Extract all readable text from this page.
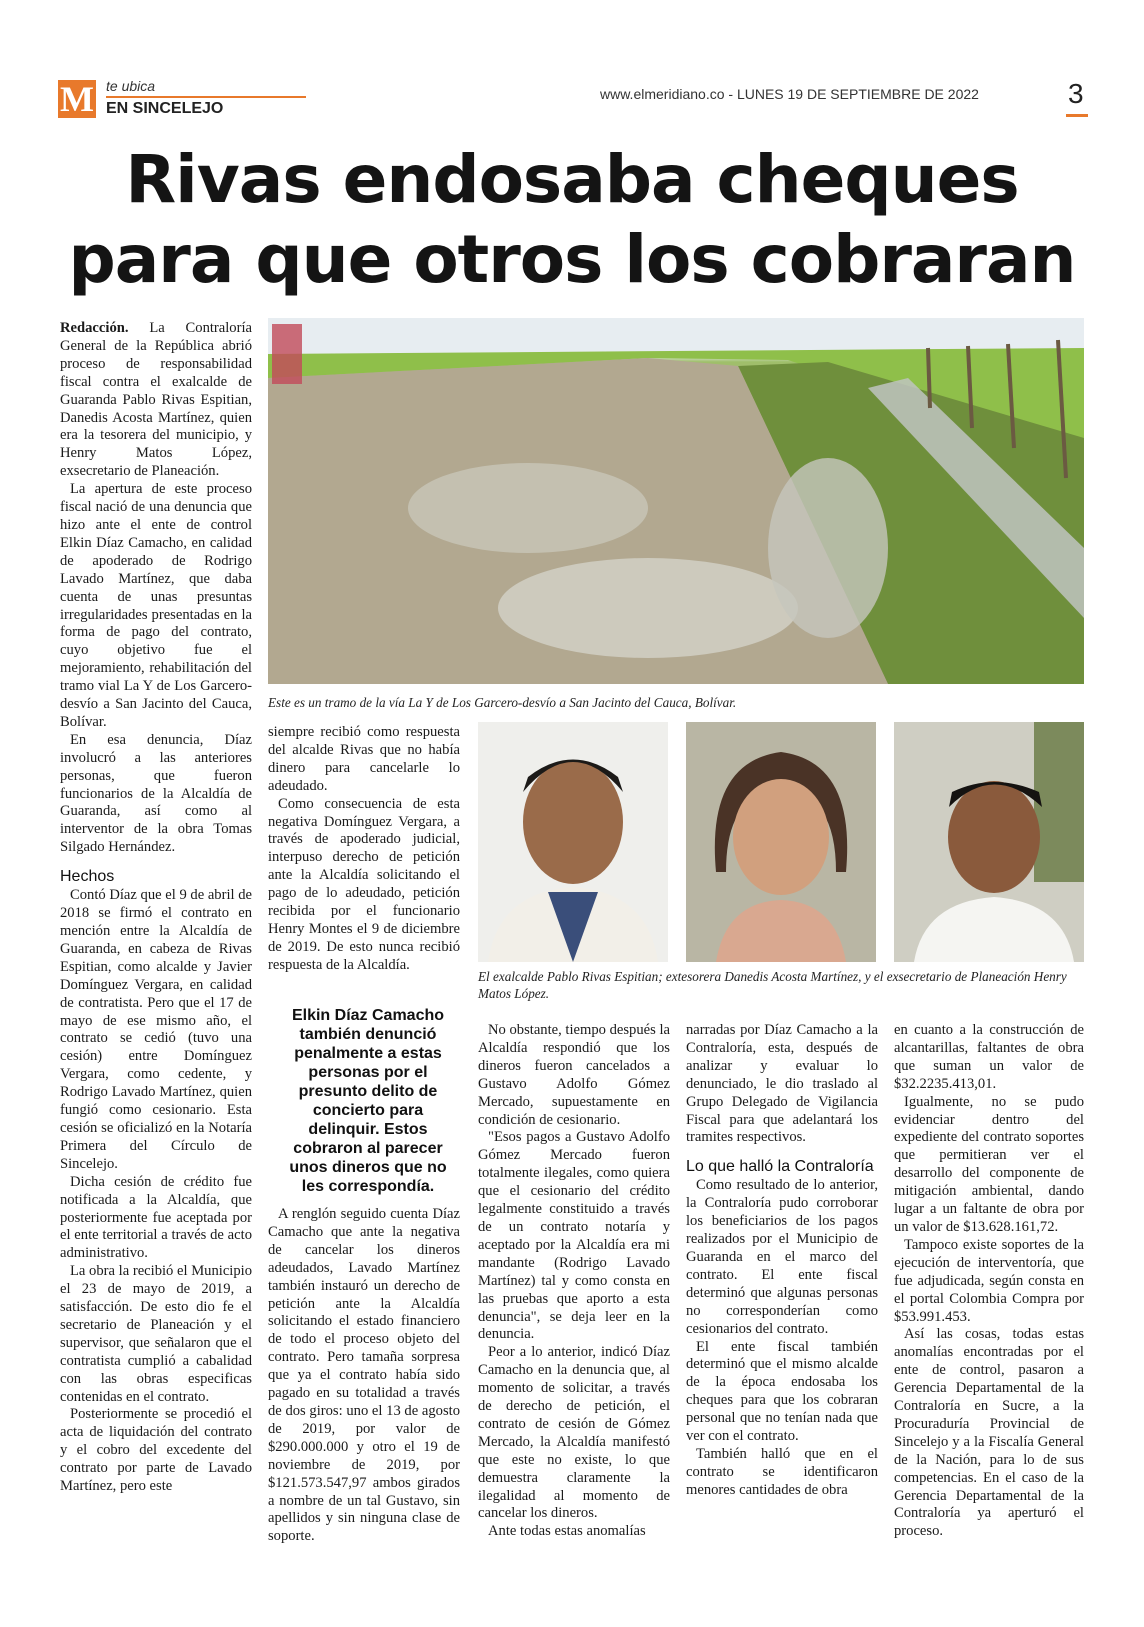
M te ubica
EN SINCELEJO
www.elmeridiano.co - LUNES 19 DE SEPTIEMBRE DE 2022	3
Rivas endosaba cheques para que otros los cobraran
Este es un tramo de la vía La Y de Los Garcero-desvío a San Jacinto del Cauca, Bolívar.
El exalcalde Pablo Rivas Espitian; extesorera Danedis Acosta Martínez, y el exsecretario de Planeación Henry Matos López.

Redacción. La Contraloría General de la República abrió proceso de responsabilidad fiscal contra el exalcalde de Guaranda Pablo Rivas Espitian, Danedis Acosta Martínez, quien era la tesorera del municipio, y Henry Matos López, exsecretario de Planeación.

La apertura de este proceso fiscal nació de una denuncia que hizo ante el ente de control Elkin Díaz Camacho, en calidad de apoderado de Rodrigo Lavado Martínez, que daba cuenta de unas presuntas irregularidades presentadas en la forma de pago del contrato, cuyo objetivo fue el mejoramiento, rehabilitación del tramo vial La Y de Los Garcero-desvío a San Jacinto del Cauca, Bolívar.

En esa denuncia, Díaz involucró a las anteriores personas, que fueron funcionarios de la Alcaldía de Guaranda, así como al interventor de la obra Tomas Silgado Hernández.

Hechos

Contó Díaz que el 9 de abril de 2018 se firmó el contrato en mención entre la Alcaldía de Guaranda, en cabeza de Rivas Espitian, como alcalde y Javier Domínguez Vergara, en calidad de contratista. Pero que el 17 de mayo de ese mismo año, el contrato se cedió (tuvo una cesión) entre Domínguez Vergara, como cedente, y Rodrigo Lavado Martínez, quien fungió como cesionario. Esta cesión se oficializó en la Notaría Primera del Círculo de Sincelejo.

Dicha cesión de crédito fue notificada a la Alcaldía, que posteriormente fue aceptada por el ente territorial a través de acto administrativo.

La obra la recibió el Municipio el 23 de mayo de 2019, a satisfacción. De esto dio fe el secretario de Planeación y el supervisor, que señalaron que el contratista cumplió a cabalidad con las obras especificas contenidas en el contrato.

Posteriormente se procedió el acta de liquidación del contrato y el cobro del excedente del contrato por parte de Lavado Martínez, pero este

siempre recibió como respuesta del alcalde Rivas que no había dinero para cancelarle lo adeudado.

Como consecuencia de esta negativa Domínguez Vergara, a través de apoderado judicial, interpuso derecho de petición ante la Alcaldía solicitando el pago de lo adeudado, petición recibida por el funcionario Henry Montes el 9 de diciembre de 2019. De esto nunca recibió respuesta de la Alcaldía.

Elkin Díaz Camacho también denunció penalmente a estas personas por el presunto delito de concierto para delinquir. Estos cobraron al parecer unos dineros que no les correspondía.

A renglón seguido cuenta Díaz Camacho que ante la negativa de cancelar los dineros adeudados, Lavado Martínez también instauró un derecho de petición ante la Alcaldía solicitando el estado financiero de todo el proceso objeto del contrato. Pero tamaña sorpresa que ya el contrato había sido pagado en su totalidad a través de dos giros: uno el 13 de agosto de 2019, por valor de $290.000.000 y otro el 19 de noviembre de 2019, por $121.573.547,97 ambos girados a nombre de un tal Gustavo, sin apellidos y sin ninguna clase de soporte.

No obstante, tiempo después la Alcaldía respondió que los dineros fueron cancelados a Gustavo Adolfo Gómez Mercado, supuestamente en condición de cesionario.

"Esos pagos a Gustavo Adolfo Gómez Mercado fueron totalmente ilegales, como quiera que el cesionario del crédito legalmente constituido a través de un contrato notaría y aceptado por la Alcaldía era mi mandante (Rodrigo Lavado Martínez) tal y como consta en las pruebas que aporto a esta denuncia", se deja leer en la denuncia.

Peor a lo anterior, indicó Díaz Camacho en la denuncia que, al momento de solicitar, a través de derecho de petición, el contrato de cesión de Gómez Mercado, la Alcaldía manifestó que este no existe, lo que demuestra claramente la ilegalidad al momento de cancelar los dineros.

Ante todas estas anomalías

narradas por Díaz Camacho a la Contraloría, esta, después de analizar y evaluar lo denunciado, le dio traslado al Grupo Delegado de Vigilancia Fiscal para que adelantará los tramites respectivos.

Lo que halló la Contraloría

Como resultado de lo anterior, la Contraloría pudo corroborar los beneficiarios de los pagos realizados por el Municipio de Guaranda en el marco del contrato. El ente fiscal determinó que algunas personas no corresponderían como cesionarios del contrato.

El ente fiscal también determinó que el mismo alcalde de la época endosaba los cheques para que los cobraran personal que no tenían nada que ver con el contrato.

También halló que en el contrato se identificaron menores cantidades de obra

en cuanto a la construcción de alcantarillas, faltantes de obra que suman un valor de $32.2235.413,01.

Igualmente, no se pudo evidenciar dentro del expediente del contrato soportes que permitieran ver el desarrollo del componente de mitigación ambiental, dando lugar a un faltante de obra por un valor de $13.628.161,72.

Tampoco existe soportes de la ejecución de interventoría, que fue adjudicada, según consta en el portal Colombia Compra por $53.991.453.

Así las cosas, todas estas anomalías encontradas por el ente de control, pasaron a Gerencia Departamental de la Contraloría en Sucre, a la Procuraduría Provincial de Sincelejo y a la Fiscalía General de la Nación, para lo de sus competencias. En el caso de la Gerencia Departamental de la Contraloría ya aperturó el proceso.
